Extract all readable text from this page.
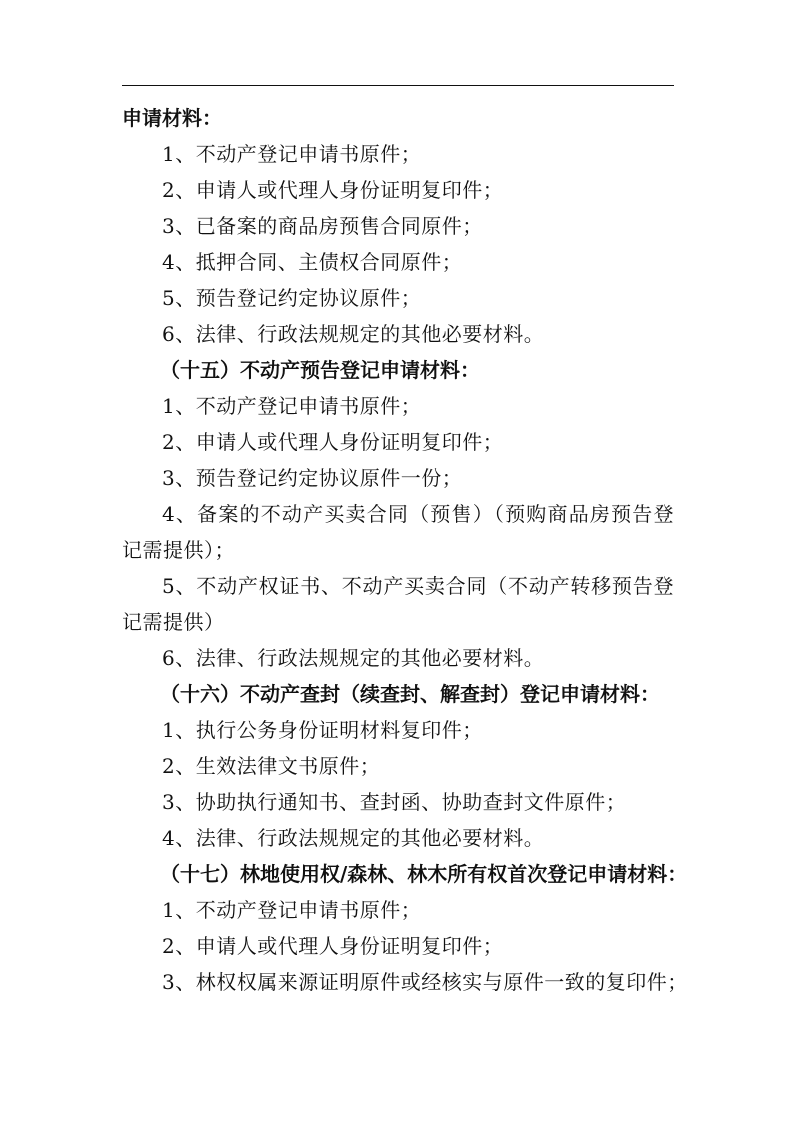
申请材料：
1、不动产登记申请书原件；
2、申请人或代理人身份证明复印件；
3、已备案的商品房预售合同原件；
4、抵押合同、主债权合同原件；
5、预告登记约定协议原件；
6、法律、行政法规规定的其他必要材料。
（十五）不动产预告登记申请材料：
1、不动产登记申请书原件；
2、申请人或代理人身份证明复印件；
3、预告登记约定协议原件一份；
4、备案的不动产买卖合同（预售）（预购商品房预告登记需提供）；
5、不动产权证书、不动产买卖合同（不动产转移预告登记需提供）
6、法律、行政法规规定的其他必要材料。
（十六）不动产查封（续查封、解查封）登记申请材料：
1、执行公务身份证明材料复印件；
2、生效法律文书原件；
3、协助执行通知书、查封函、协助查封文件原件；
4、法律、行政法规规定的其他必要材料。
（十七）林地使用权/森林、林木所有权首次登记申请材料：
1、不动产登记申请书原件；
2、申请人或代理人身份证明复印件；
3、林权权属来源证明原件或经核实与原件一致的复印件；
